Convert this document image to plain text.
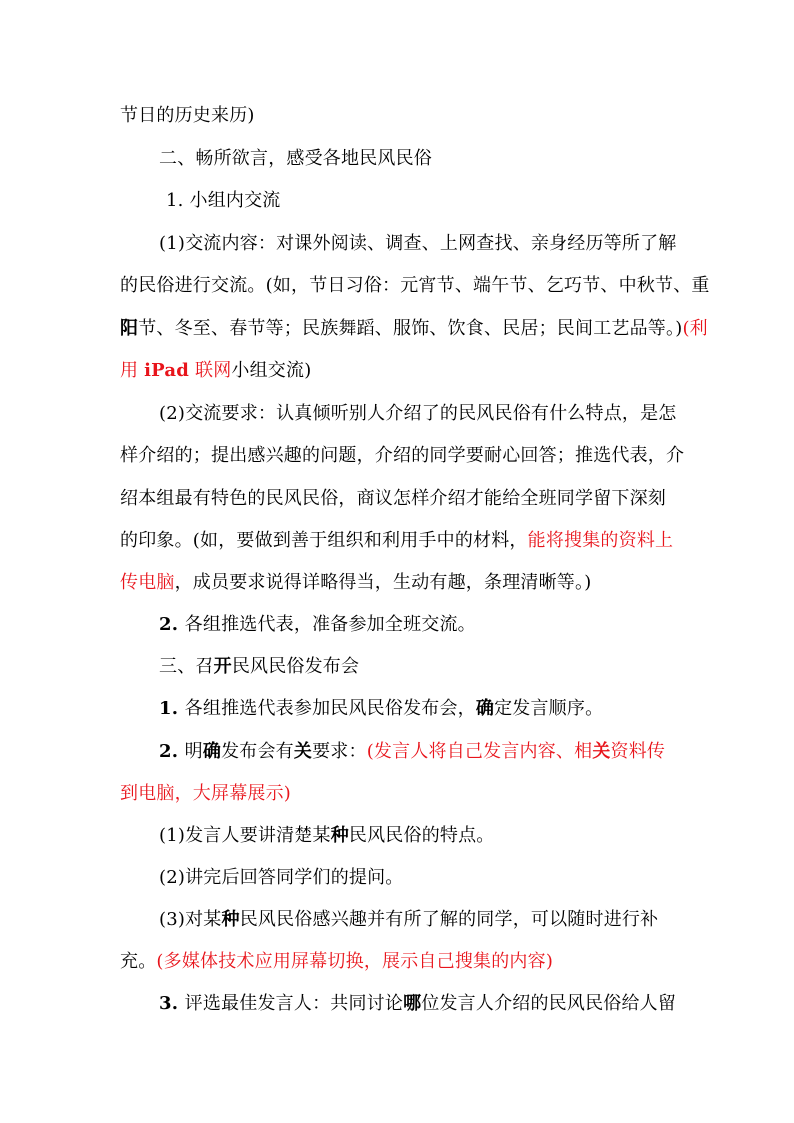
节日的历史来历)
二、畅所欲言，感受各地民风民俗
1. 小组内交流
(1)交流内容：对课外阅读、调查、上网查找、亲身经历等所了解
的民俗进行交流。(如，节日习俗：元宵节、端午节、乞巧节、中秋节、重
阳节、冬至、春节等；民族舞蹈、服饰、饮食、民居；民间工艺品等。)(利
用 iPad 联网小组交流)
(2)交流要求：认真倾听别人介绍了的民风民俗有什么特点，是怎
样介绍的；提出感兴趣的问题，介绍的同学要耐心回答；推选代表，介
绍本组最有特色的民风民俗，商议怎样介绍才能给全班同学留下深刻
的印象。(如，要做到善于组织和利用手中的材料，能将搜集的资料上
传电脑，成员要求说得详略得当，生动有趣，条理清晰等。)
2. 各组推选代表，准备参加全班交流。
三、召开民风民俗发布会
1. 各组推选代表参加民风民俗发布会，确定发言顺序。
2. 明确发布会有关要求：(发言人将自己发言内容、相关资料传
到电脑，大屏幕展示)
(1)发言人要讲清楚某种民风民俗的特点。
(2)讲完后回答同学们的提问。
(3)对某种民风民俗感兴趣并有所了解的同学，可以随时进行补
充。(多媒体技术应用屏幕切换，展示自己搜集的内容)
3. 评选最佳发言人：共同讨论哪位发言人介绍的民风民俗给人留
